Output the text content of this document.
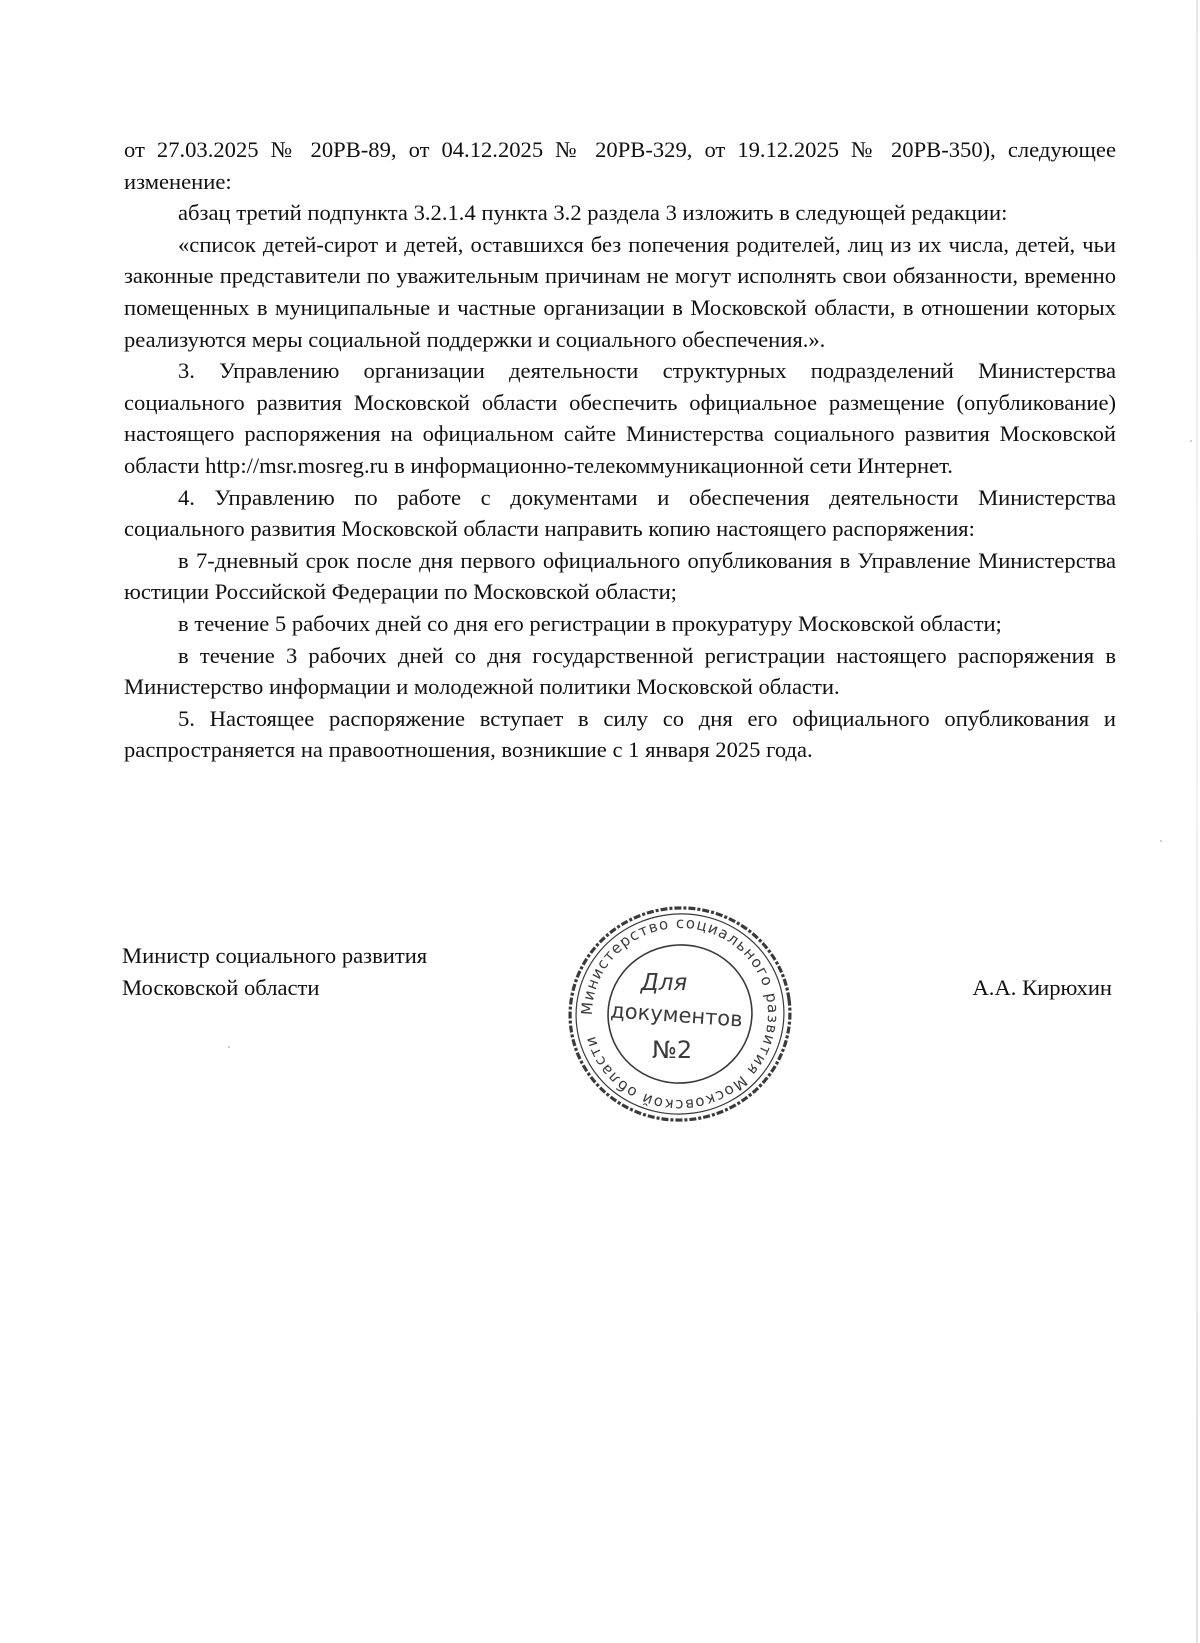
от 27.03.2025 № 20РВ-89, от 04.12.2025 № 20РВ-329, от 19.12.2025 № 20РВ-350), следующее изменение:

абзац третий подпункта 3.2.1.4 пункта 3.2 раздела 3 изложить в следующей редакции:

«список детей-сирот и детей, оставшихся без попечения родителей, лиц из их числа, детей, чьи законные представители по уважительным причинам не могут исполнять свои обязанности, временно помещенных в муниципальные и частные организации в Московской области, в отношении которых реализуются меры социальной поддержки и социального обеспечения.».

3. Управлению организации деятельности структурных подразделений Министерства социального развития Московской области обеспечить официальное размещение (опубликование) настоящего распоряжения на официальном сайте Министерства социального развития Московской области http://msr.mosreg.ru в информационно-телекоммуникационной сети Интернет.

4. Управлению по работе с документами и обеспечения деятельности Министерства социального развития Московской области направить копию настоящего распоряжения:

в 7-дневный срок после дня первого официального опубликования в Управление Министерства юстиции Российской Федерации по Московской области;

в течение 5 рабочих дней со дня его регистрации в прокуратуру Московской области;

в течение 3 рабочих дней со дня государственной регистрации настоящего распоряжения в Министерство информации и молодежной политики Московской области.

5. Настоящее распоряжение вступает в силу со дня его официального опубликования и распространяется на правоотношения, возникшие с 1 января 2025 года.

Министр социального развития
Московской области
Министерство социального развития Московской области
Для
документов
№2
А.А. Кирюхин
